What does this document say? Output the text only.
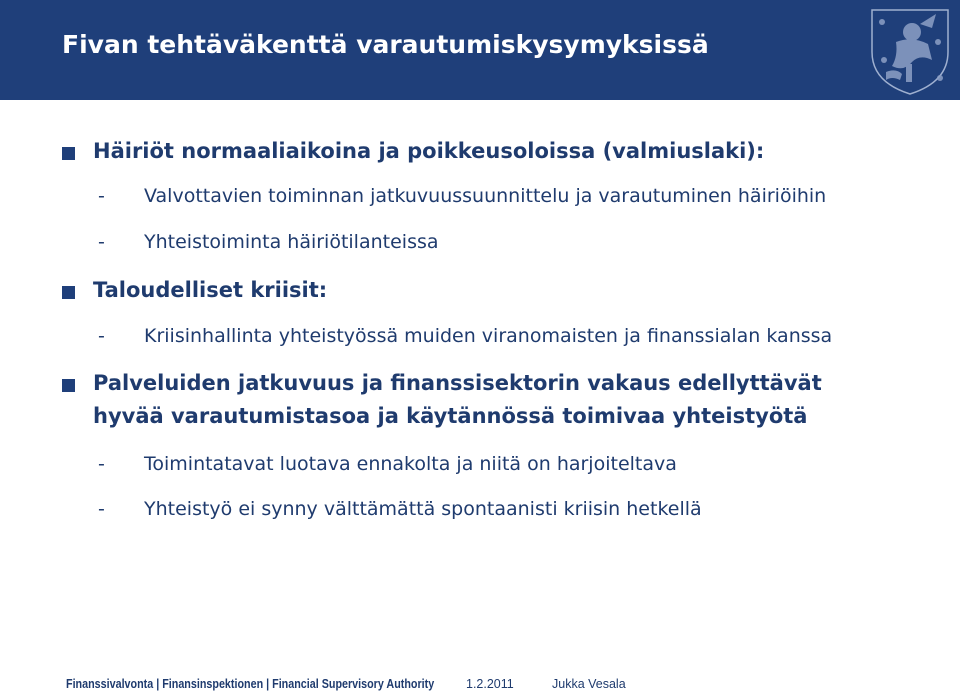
Fivan tehtäväkenttä varautumiskysymyksissä
Häiriöt normaaliaikoina ja poikkeusoloissa (valmiuslaki):
- Valvottavien toiminnan jatkuvuussuunnittelu ja varautuminen häiriöihin
- Yhteistoiminta häiriötilanteissa
Taloudelliset kriisit:
- Kriisinhallinta yhteistyössä muiden viranomaisten ja finanssialan kanssa
Palveluiden jatkuvuus ja finanssisektorin vakaus edellyttävät
hyvää varautumistasoa ja käytännössä toimivaa yhteistyötä
- Toimintatavat luotava ennakolta ja niitä on harjoiteltava
- Yhteistyö ei synny välttämättä spontaanisti kriisin hetkellä
Finanssivalvonta | Finansinspektionen | Financial Supervisory Authority	1.2.2011	Jukka Vesala
